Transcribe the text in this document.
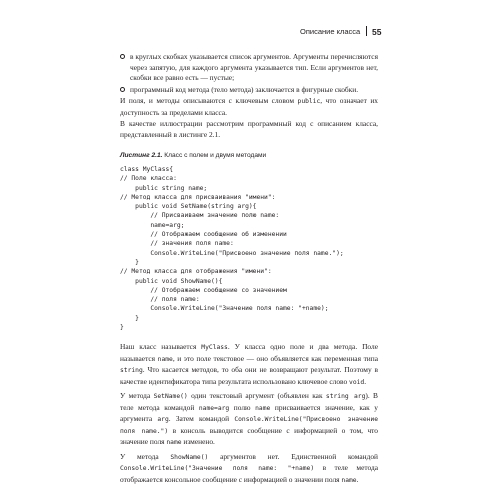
Описание класса 55

в круглых скобках указывается список аргументов. Аргументы перечисляются через запятую, для каждого аргумента указывается тип. Если аргументов нет, скобки все равно есть — пустые;

программный код метода (тело метода) заключается в фигурные скобки.

И поля, и методы описываются с ключевым словом public, что означает их доступность за пределами класса.

В качестве иллюстрации рассмотрим программный код с описанием класса, представленный в листинге 2.1.

Листинг 2.1. Класс с полем и двумя методами
class MyClass{
// Поле класса:
public string name;
// Метод класса для присваивания "имени":
public void SetName(string arg){
// Присваиваем значение полю name:
name=arg;
// Отображаем сообщение об изменении
// значения поля name:
Console.WriteLine("Присвоено значение поля name.");
}
// Метод класса для отображения "имени":
public void ShowName(){
// Отображаем сообщение со значением
// поля name:
Console.WriteLine("Значение поля name: "+name);
}
}

Наш класс называется MyClass. У класса одно поле и два метода. Поле называется name, и это поле текстовое — оно объявляется как переменная типа string. Что касается методов, то оба они не возвращают результат. Поэтому в качестве идентификатора типа результата использовано ключевое слово void.

У метода SetName() один текстовый аргумент (объявлен как string arg). В теле метода командой name=arg полю name присваивается значение, как у аргумента arg. Затем командой Console.WriteLine("Присвоено значение поля name.") в консоль выводится сообщение с информацией о том, что значение поля name изменено.

У метода ShowName() аргументов нет. Единственной командой Console.WriteLine("Значение поля name: "+name) в теле метода отображается консольное сообщение с информацией о значении поля name.
